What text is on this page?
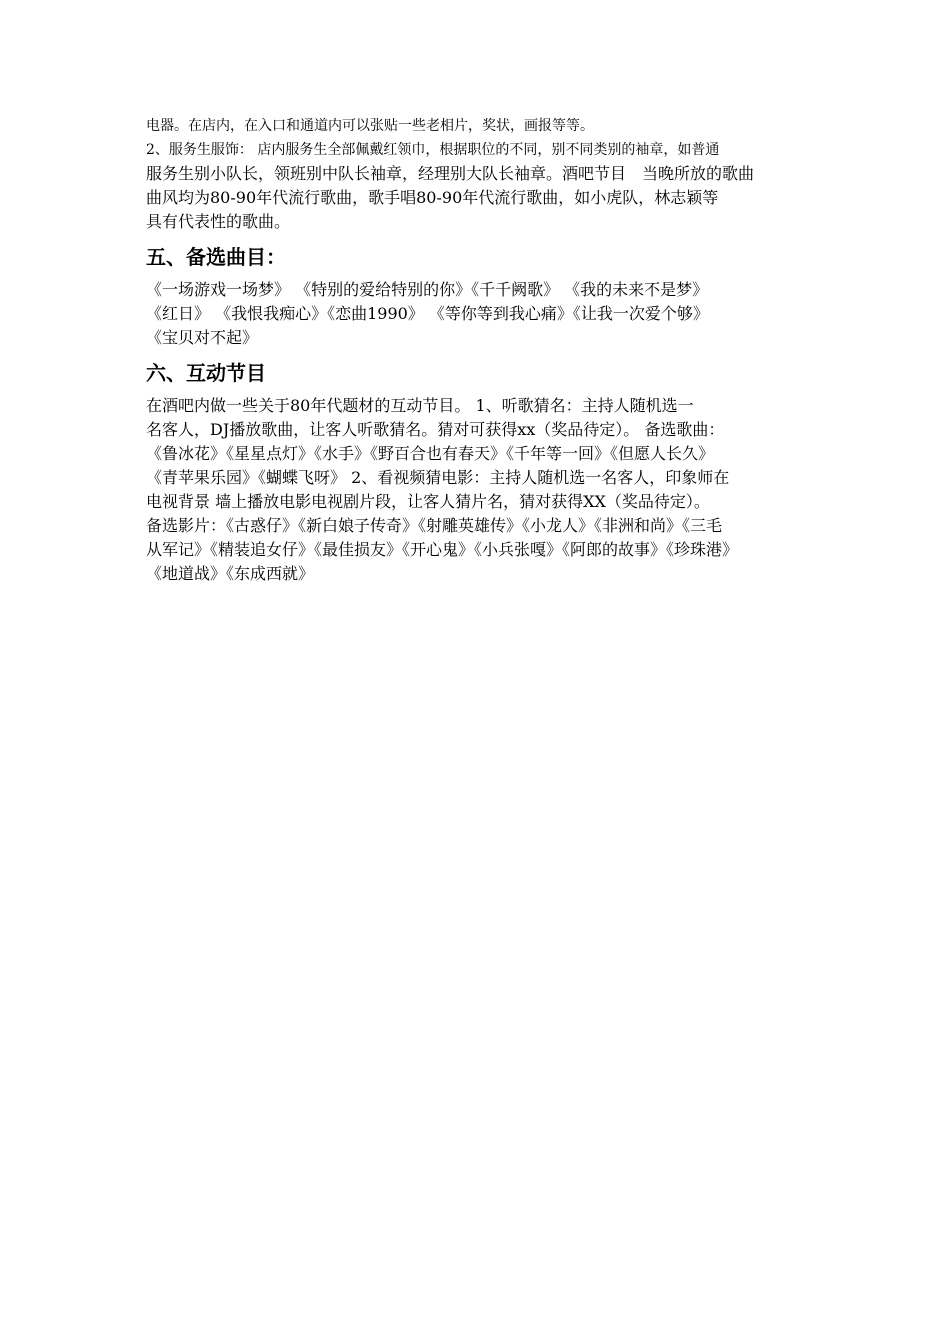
电器。在店内，在入口和通道内可以张贴一些老相片，奖状，画报等等。
2、服务生服饰： 店内服务生全部佩戴红领巾，根据职位的不同，别不同类别的袖章，如普通
服务生别小队长，领班别中队长袖章，经理别大队长袖章。酒吧节目　当晚所放的歌曲
曲风均为80-90年代流行歌曲，歌手唱80-90年代流行歌曲，如小虎队，林志颖等
具有代表性的歌曲。
五、备选曲目：
《一场游戏一场梦》 《特别的爱给特别的你》《千千阙歌》 《我的未来不是梦》
《红日》 《我恨我痴心》《恋曲1990》 《等你等到我心痛》《让我一次爱个够》
《宝贝对不起》
六、互动节目
在酒吧内做一些关于80年代题材的互动节目。 1、听歌猜名：主持人随机选一
名客人，DJ播放歌曲，让客人听歌猜名。猜对可获得xx（奖品待定）。 备选歌曲：
《鲁冰花》《星星点灯》《水手》《野百合也有春天》《千年等一回》《但愿人长久》
《青苹果乐园》《蝴蝶飞呀》 2、看视频猜电影：主持人随机选一名客人，印象师在
电视背景 墙上播放电影电视剧片段，让客人猜片名，猜对获得XX（奖品待定）。
备选影片：《古惑仔》《新白娘子传奇》《射雕英雄传》《小龙人》《非洲和尚》《三毛
从军记》《精装追女仔》《最佳损友》《开心鬼》《小兵张嘎》《阿郎的故事》《珍珠港》
《地道战》《东成西就》
